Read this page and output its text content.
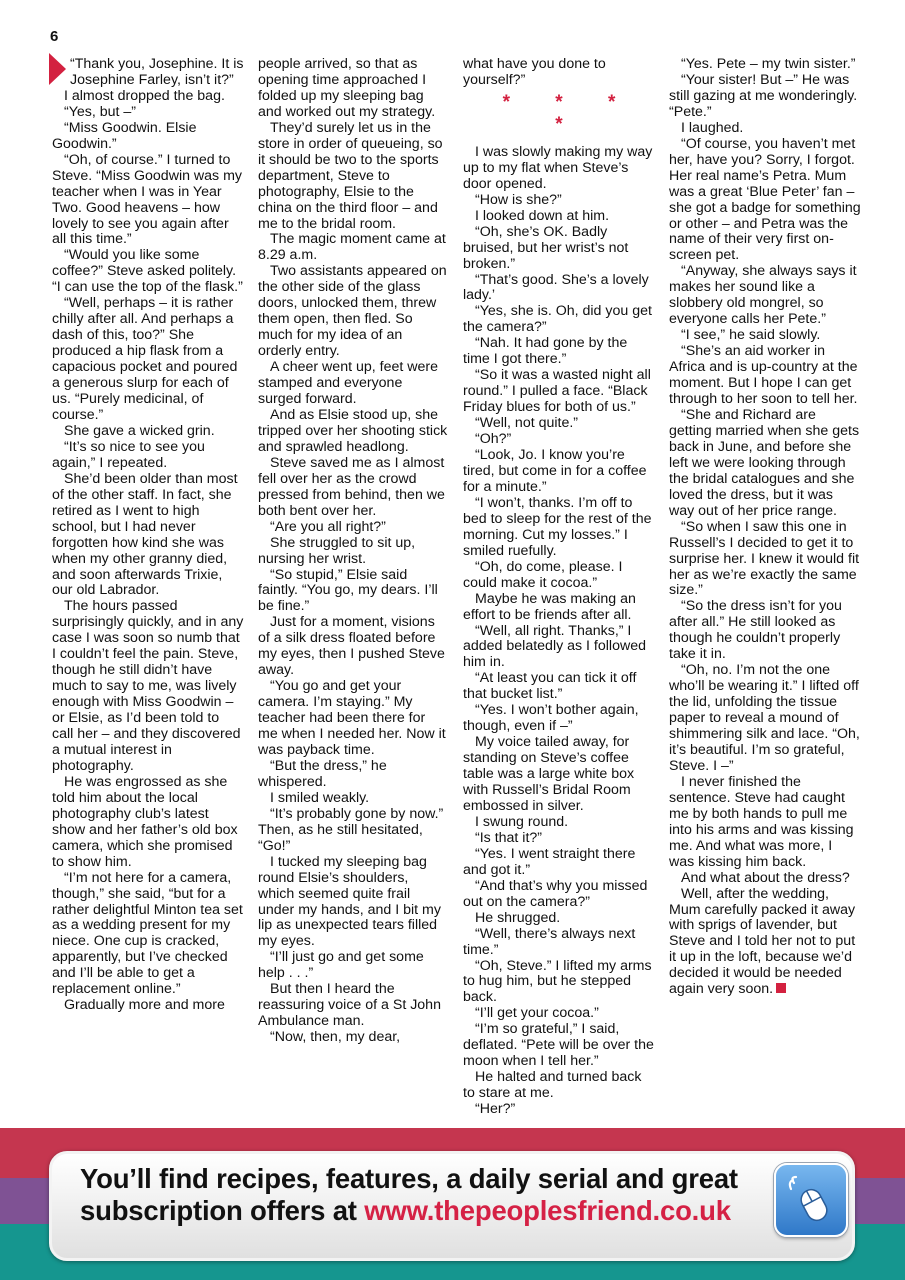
6

“Thank you, Josephine. It is Josephine Farley, isn’t it?”

I almost dropped the bag.

“Yes, but –”

“Miss Goodwin. Elsie Goodwin.”

“Oh, of course.” I turned to Steve. “Miss Goodwin was my teacher when I was in Year Two. Good heavens – how lovely to see you again after all this time.”

“Would you like some coffee?” Steve asked politely. “I can use the top of the flask.”

“Well, perhaps – it is rather chilly after all. And perhaps a dash of this, too?” She produced a hip flask from a capacious pocket and poured a generous slurp for each of us. “Purely medicinal, of course.”

She gave a wicked grin.

“It’s so nice to see you again,” I repeated.

She’d been older than most of the other staff. In fact, she retired as I went to high school, but I had never forgotten how kind she was when my other granny died, and soon afterwards Trixie, our old Labrador.

The hours passed surprisingly quickly, and in any case I was soon so numb that I couldn’t feel the pain. Steve, though he still didn’t have much to say to me, was lively enough with Miss Goodwin – or Elsie, as I’d been told to call her – and they discovered a mutual interest in photography.

He was engrossed as she told him about the local photography club’s latest show and her father’s old box camera, which she promised to show him.

“I’m not here for a camera, though,” she said, “but for a rather delightful Minton tea set as a wedding present for my niece. One cup is cracked, apparently, but I’ve checked and I’ll be able to get a replacement online.”

Gradually more and more

people arrived, so that as opening time approached I folded up my sleeping bag and worked out my strategy.

They’d surely let us in the store in order of queueing, so it should be two to the sports department, Steve to photography, Elsie to the china on the third floor – and me to the bridal room.

The magic moment came at 8.29 a.m.

Two assistants appeared on the other side of the glass doors, unlocked them, threw them open, then fled. So much for my idea of an orderly entry.

A cheer went up, feet were stamped and everyone surged forward.

And as Elsie stood up, she tripped over her shooting stick and sprawled headlong.

Steve saved me as I almost fell over her as the crowd pressed from behind, then we both bent over her.

“Are you all right?”

She struggled to sit up, nursing her wrist.

“So stupid,” Elsie said faintly. “You go, my dears. I’ll be fine.”

Just for a moment, visions of a silk dress floated before my eyes, then I pushed Steve away.

“You go and get your camera. I’m staying.” My teacher had been there for me when I needed her. Now it was payback time.

“But the dress,” he whispered.

I smiled weakly.

“It’s probably gone by now.” Then, as he still hesitated, “Go!”

I tucked my sleeping bag round Elsie’s shoulders, which seemed quite frail under my hands, and I bit my lip as unexpected tears filled my eyes.

“I’ll just go and get some help . . .”

But then I heard the reassuring voice of a St John Ambulance man.

“Now, then, my dear,

what have you done to yourself?”

* * * *

I was slowly making my way up to my flat when Steve’s door opened.

“How is she?”

I looked down at him.

“Oh, she’s OK. Badly bruised, but her wrist’s not broken.”

“That’s good. She’s a lovely lady.’

“Yes, she is. Oh, did you get the camera?”

“Nah. It had gone by the time I got there.”

“So it was a wasted night all round.” I pulled a face. “Black Friday blues for both of us.”

“Well, not quite.”

“Oh?”

“Look, Jo. I know you’re tired, but come in for a coffee for a minute.”

“I won’t, thanks. I’m off to bed to sleep for the rest of the morning. Cut my losses.” I smiled ruefully.

“Oh, do come, please. I could make it cocoa.”

Maybe he was making an effort to be friends after all.

“Well, all right. Thanks,” I added belatedly as I followed him in.

“At least you can tick it off that bucket list.”

“Yes. I won’t bother again, though, even if –”

My voice tailed away, for standing on Steve’s coffee table was a large white box with Russell’s Bridal Room embossed in silver.

I swung round.

“Is that it?”

“Yes. I went straight there and got it.”

“And that’s why you missed out on the camera?”

He shrugged.

“Well, there’s always next time.”

“Oh, Steve.” I lifted my arms to hug him, but he stepped back.

“I’ll get your cocoa.”

“I’m so grateful,” I said, deflated. “Pete will be over the moon when I tell her.”

He halted and turned back to stare at me.

“Her?”

“Yes. Pete – my twin sister.”

“Your sister! But –” He was still gazing at me wonderingly. “Pete.”

I laughed.

“Of course, you haven’t met her, have you? Sorry, I forgot. Her real name’s Petra. Mum was a great ‘Blue Peter’ fan – she got a badge for something or other – and Petra was the name of their very first on-screen pet.

“Anyway, she always says it makes her sound like a slobbery old mongrel, so everyone calls her Pete.”

“I see,” he said slowly.

“She’s an aid worker in Africa and is up-country at the moment. But I hope I can get through to her soon to tell her.

“She and Richard are getting married when she gets back in June, and before she left we were looking through the bridal catalogues and she loved the dress, but it was way out of her price range.

“So when I saw this one in Russell’s I decided to get it to surprise her. I knew it would fit her as we’re exactly the same size.”

“So the dress isn’t for you after all.” He still looked as though he couldn’t properly take it in.

“Oh, no. I’m not the one who’ll be wearing it.” I lifted off the lid, unfolding the tissue paper to reveal a mound of shimmering silk and lace. “Oh, it’s beautiful. I’m so grateful, Steve. I –”

I never finished the sentence. Steve had caught me by both hands to pull me into his arms and was kissing me. And what was more, I was kissing him back.

And what about the dress?

Well, after the wedding, Mum carefully packed it away with sprigs of lavender, but Steve and I told her not to put it up in the loft, because we’d decided it would be needed again very soon.

You’ll find recipes, features, a daily serial and great
subscription offers at www.thepeoplesfriend.co.uk
